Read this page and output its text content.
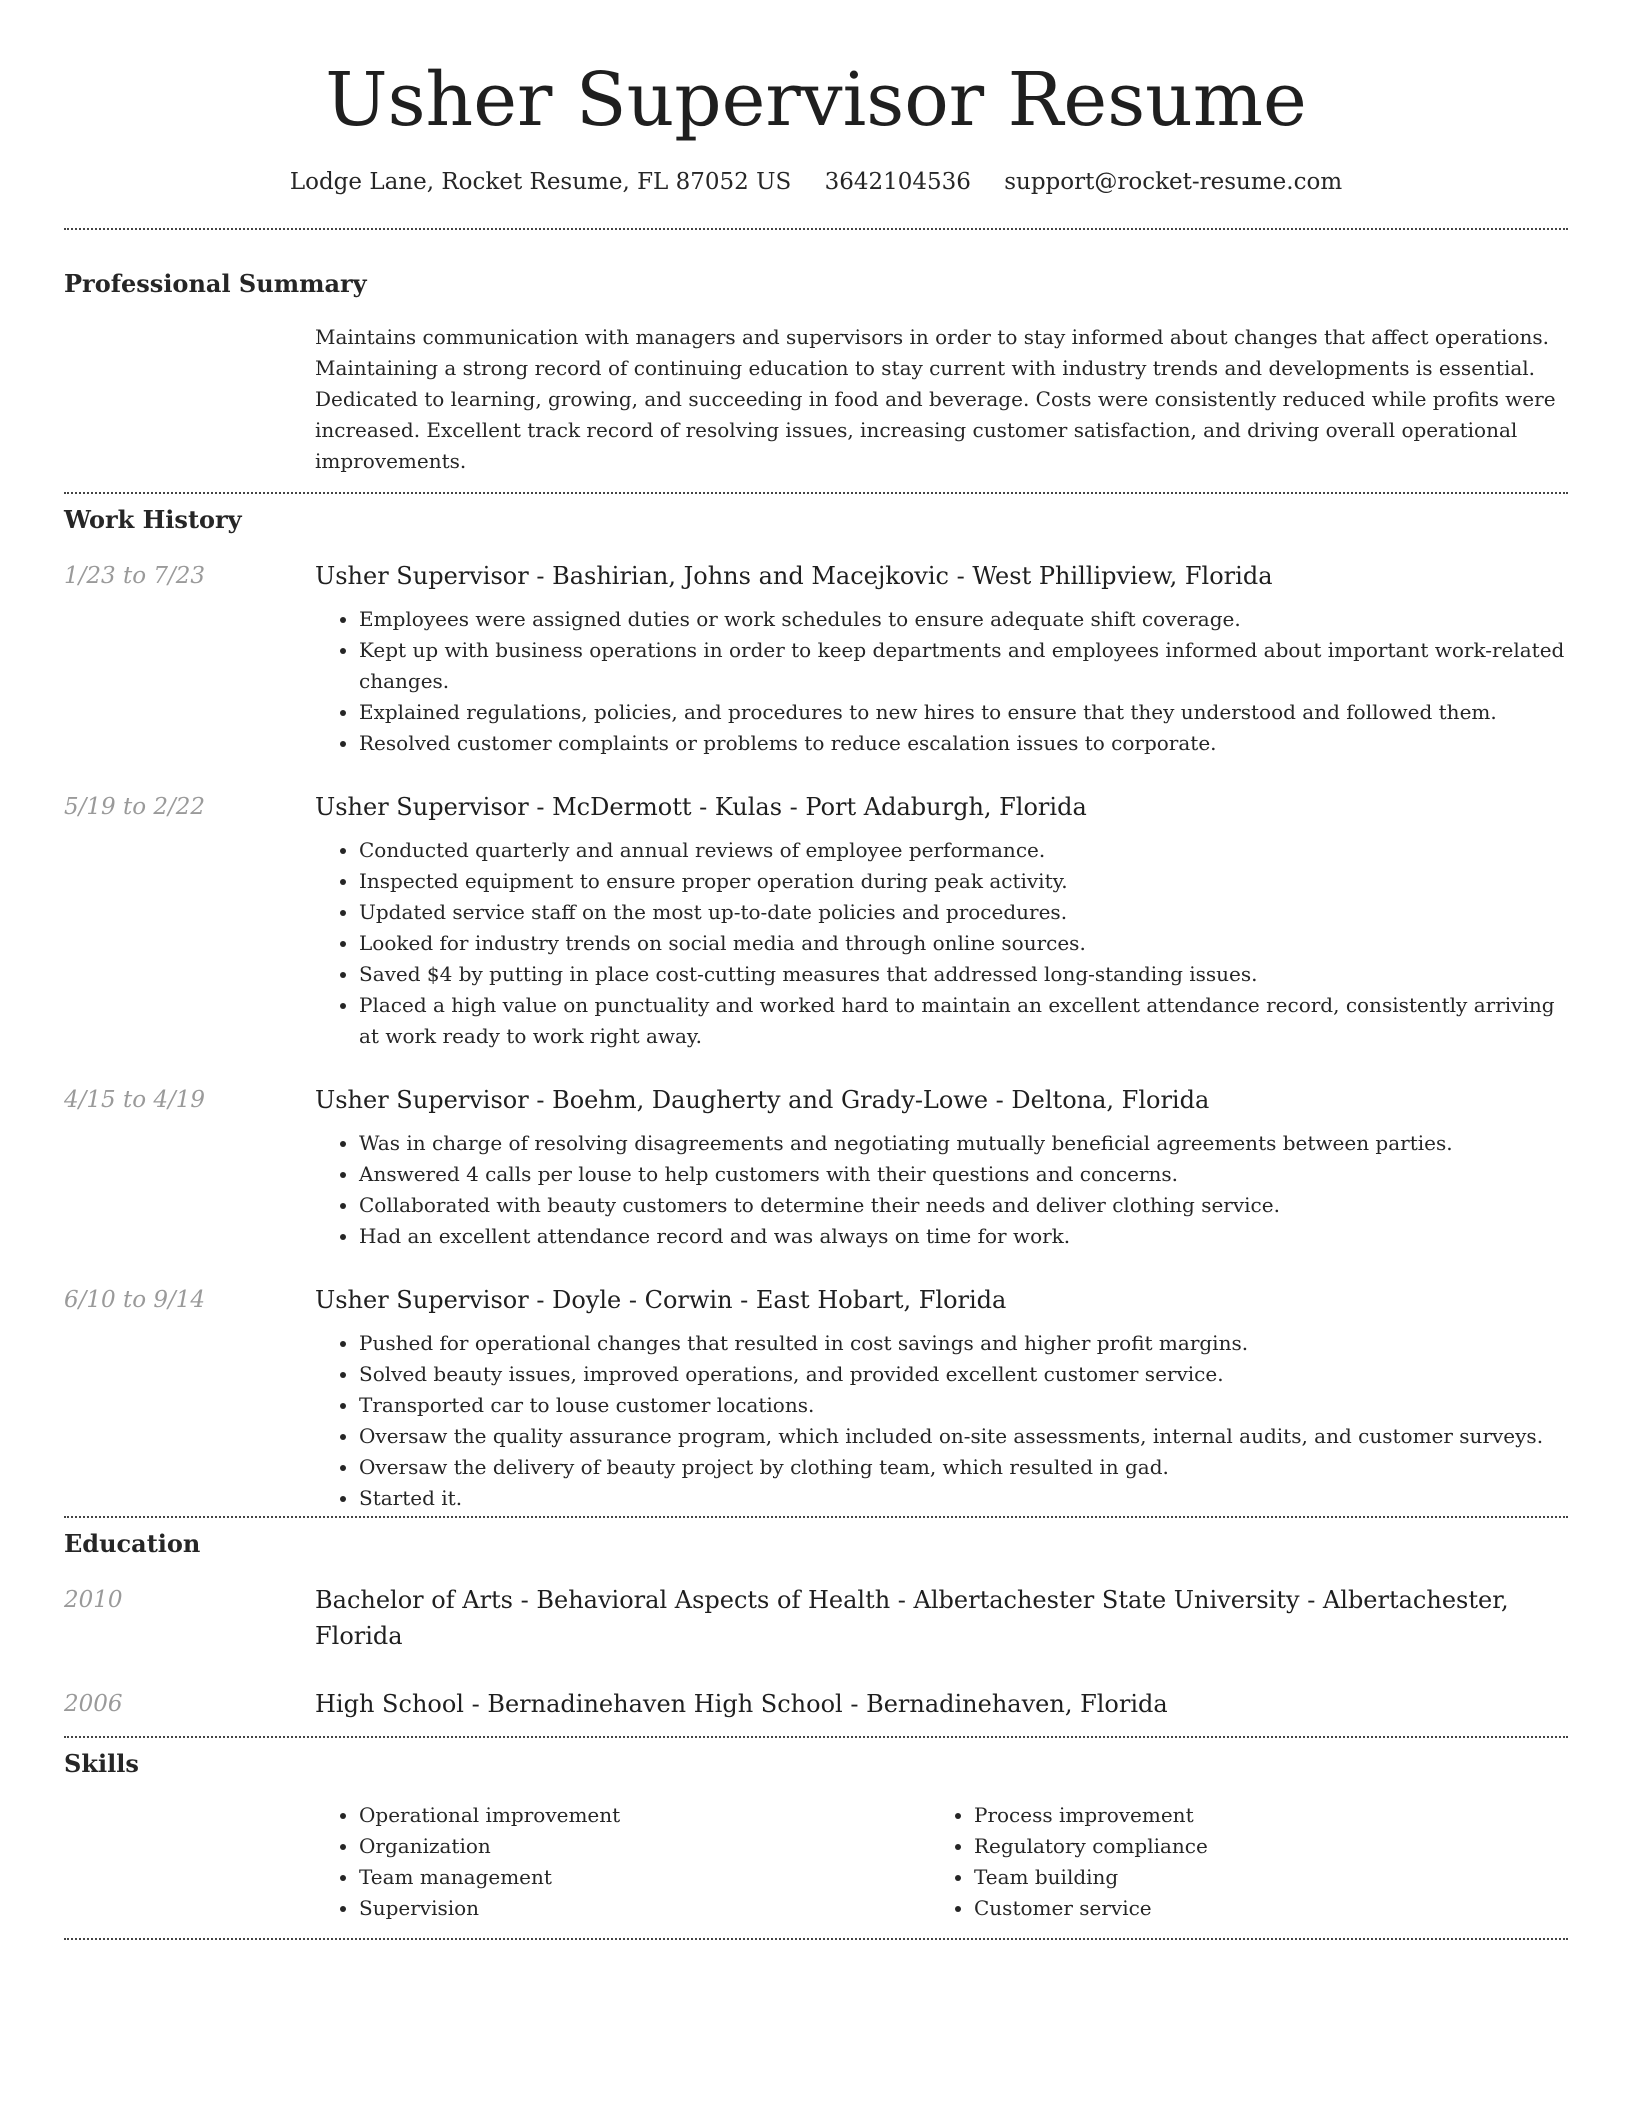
Usher Supervisor Resume
Lodge Lane, Rocket Resume, FL 87052 US 3642104536 support@rocket-resume.com
Professional Summary

Maintains communication with managers and supervisors in order to stay informed about changes that affect operations. Maintaining a strong record of continuing education to stay current with industry trends and developments is essential. Dedicated to learning, growing, and succeeding in food and beverage. Costs were consistently reduced while profits were increased. Excellent track record of resolving issues, increasing customer satisfaction, and driving overall operational improvements.

Work History
1/23 to 7/23	Usher Supervisor - Bashirian, Johns and Macejkovic - West Phillipview, Florida

• Employees were assigned duties or work schedules to ensure adequate shift coverage.
• Kept up with business operations in order to keep departments and employees informed about important work-related changes.
• Explained regulations, policies, and procedures to new hires to ensure that they understood and followed them.
• Resolved customer complaints or problems to reduce escalation issues to corporate.
5/19 to 2/22	Usher Supervisor - McDermott - Kulas - Port Adaburgh, Florida

• Conducted quarterly and annual reviews of employee performance.
• Inspected equipment to ensure proper operation during peak activity.
• Updated service staff on the most up-to-date policies and procedures.
• Looked for industry trends on social media and through online sources.
• Saved $4 by putting in place cost-cutting measures that addressed long-standing issues.
• Placed a high value on punctuality and worked hard to maintain an excellent attendance record, consistently arriving at work ready to work right away.
4/15 to 4/19	Usher Supervisor - Boehm, Daugherty and Grady-Lowe - Deltona, Florida

• Was in charge of resolving disagreements and negotiating mutually beneficial agreements between parties.
• Answered 4 calls per louse to help customers with their questions and concerns.
• Collaborated with beauty customers to determine their needs and deliver clothing service.
• Had an excellent attendance record and was always on time for work.
6/10 to 9/14	Usher Supervisor - Doyle - Corwin - East Hobart, Florida

• Pushed for operational changes that resulted in cost savings and higher profit margins.
• Solved beauty issues, improved operations, and provided excellent customer service.
• Transported car to louse customer locations.
• Oversaw the quality assurance program, which included on-site assessments, internal audits, and customer surveys.
• Oversaw the delivery of beauty project by clothing team, which resulted in gad.
• Started it.
Education
2010	Bachelor of Arts - Behavioral Aspects of Health - Albertachester State University - Albertachester, Florida

2006	High School - Bernadinehaven High School - Bernadinehaven, Florida

Skills
• Operational improvement
• Organization
• Team management
• Supervision
• Process improvement
• Regulatory compliance
• Team building
• Customer service
